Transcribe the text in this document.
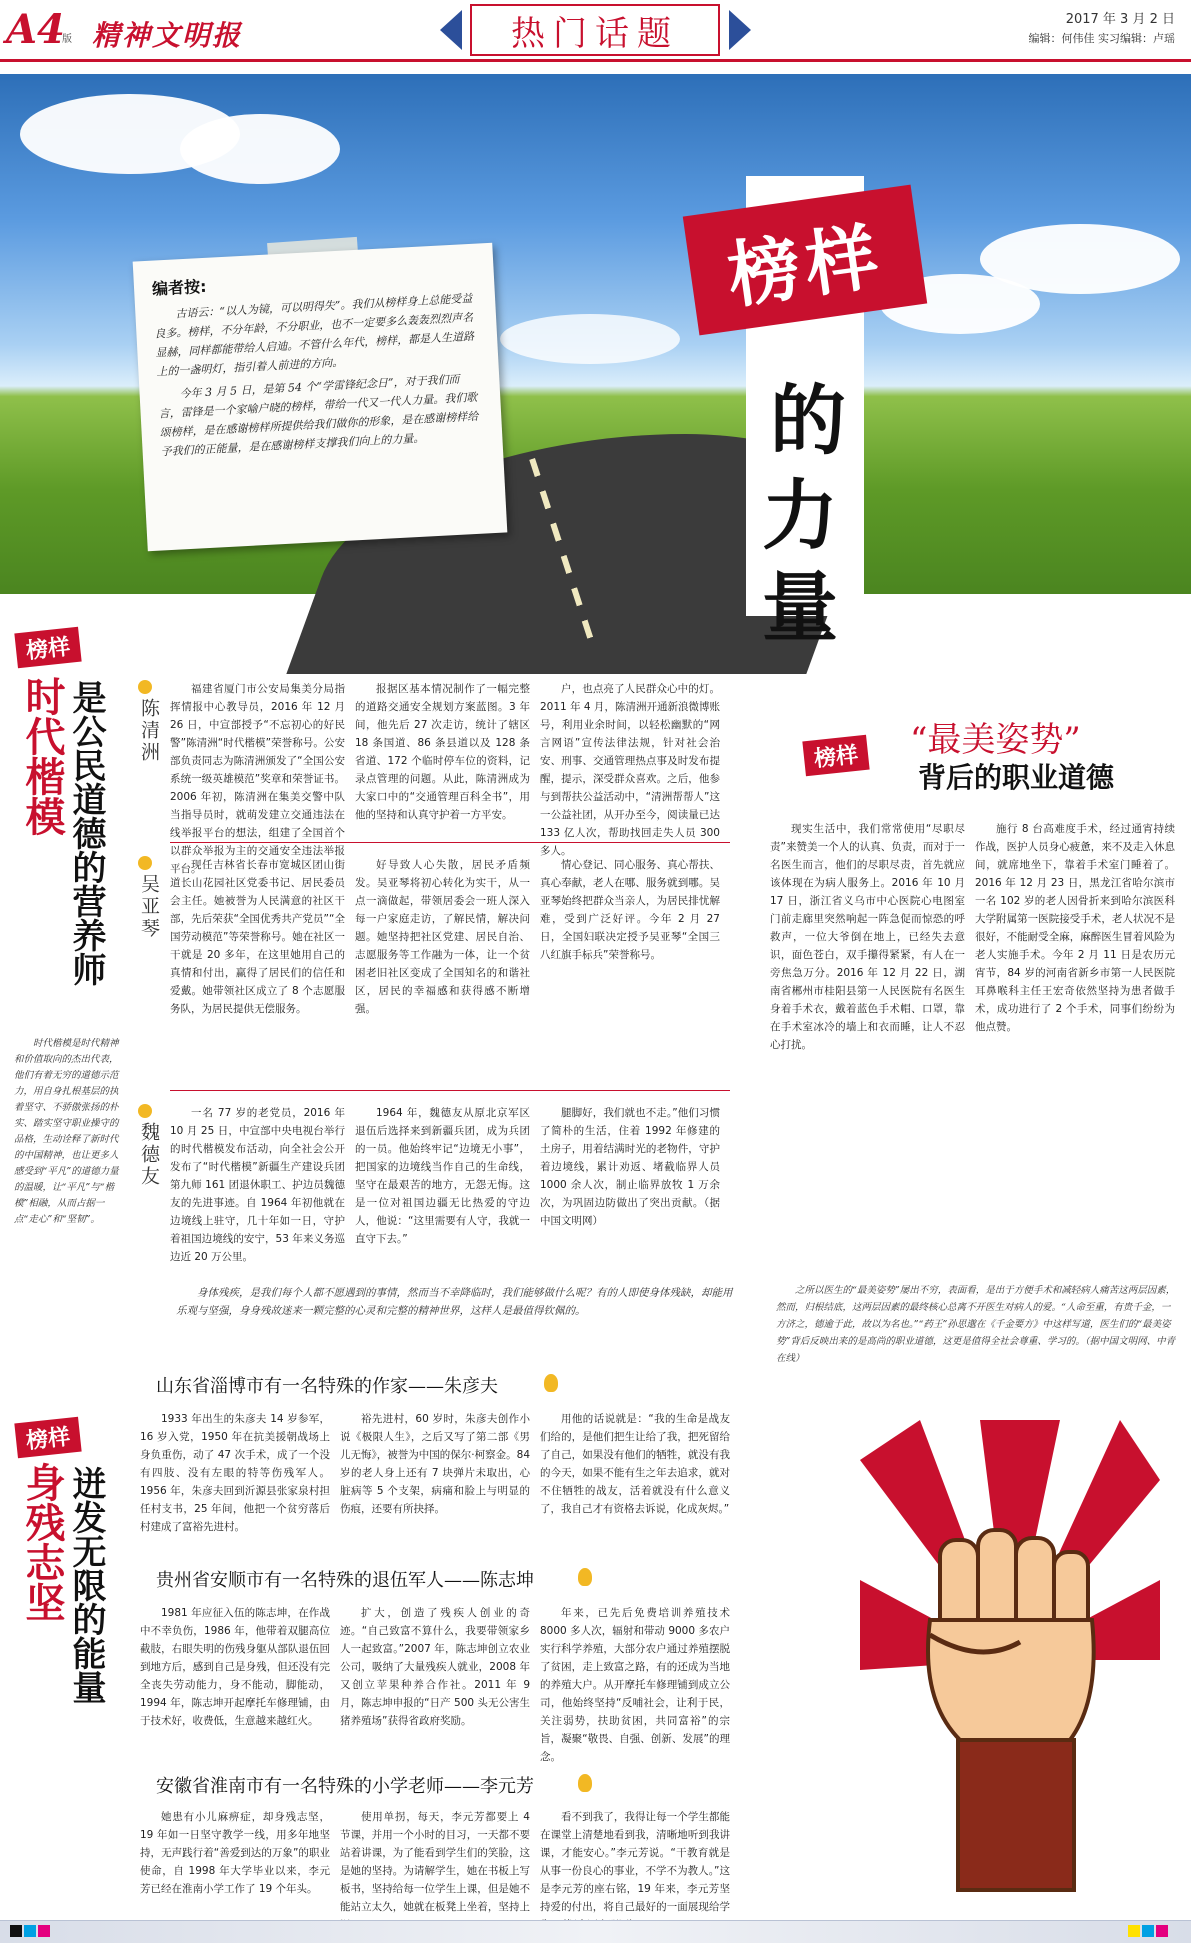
A4
版 精神文明报	热门话题	2017 年 3 月 2 日
编辑：何伟佳 实习编辑：卢瑶
编者按:

古语云：“以人为镜，可以明得失”。我们从榜样身上总能受益良多。榜样，不分年龄，不分职业，也不一定要多么轰轰烈烈声名显赫，同样都能带给人启迪。不管什么年代，榜样，都是人生道路上的一盏明灯，指引着人前进的方向。

今年 3 月 5 日，是第 54 个“学雷锋纪念日”，对于我们而言，雷锋是一个家喻户晓的榜样，带给一代又一代人力量。我们歌颂榜样，是在感谢榜样所提供给我们做你的形象，是在感谢榜样给予我们的正能量，是在感谢榜样支撑我们向上的力量。

榜样
的
力量
榜样
时代楷模 是公民道德的营养师
时代楷模是时代精神和价值取向的杰出代表，他们有着无穷的道德示范力，用自身扎根基层的执着坚守、不骄傲张扬的朴实、踏实坚守职业操守的品格，生动诠释了新时代的中国精神，也让更多人感受到“平凡”的道德力量的温暖，让“平凡”与“楷模”相融，从而占据一点“走心”和“坚韧”。
陈清洲

福建省厦门市公安局集美分局指挥情报中心教导员，2016 年 12 月 26 日，中宣部授予“不忘初心的好民警”陈清洲“时代楷模”荣誉称号。公安部负责同志为陈清洲颁发了“全国公安系统一级英雄模范”奖章和荣誉证书。2006 年初，陈清洲在集美交警中队当指导员时，就萌发建立交通违法在线举报平台的想法，组建了全国首个以群众举报为主的交通安全违法举报平台。

报据区基本情况制作了一幅完整的道路交通安全规划方案蓝图。3 年间，他先后 27 次走访，统计了辖区 18 条国道、86 条县道以及 128 条省道、172 个临时停车位的资料，记录点管理的问题。从此，陈清洲成为大家口中的“交通管理百科全书”，用他的坚持和认真守护着一方平安。

户，也点亮了人民群众心中的灯。2011 年 4 月，陈清洲开通新浪微博账号，利用业余时间，以轻松幽默的“网言网语”宣传法律法规，针对社会治安、刑事、交通管理热点事及时发布提醒，提示，深受群众喜欢。之后，他参与到帮扶公益活动中，“清洲帮帮人”这一公益社团，从开办至今，阅读量已达 133 亿人次，帮助找回走失人员 300 多人。

吴亚琴

现任吉林省长春市宽城区团山街道长山花园社区党委书记、居民委员会主任。她被誉为人民满意的社区干部，先后荣获“全国优秀共产党员”“全国劳动模范”等荣誉称号。她在社区一干就是 20 多年，在这里她用自己的真情和付出，赢得了居民们的信任和爱戴。她带领社区成立了 8 个志愿服务队，为居民提供无偿服务。

好导致人心失散，居民矛盾频发。吴亚琴将初心转化为实干，从一点一滴做起，带领居委会一班人深入每一户家庭走访，了解民情，解决问题。她坚持把社区党建、居民自治、志愿服务等工作融为一体，让一个贫困老旧社区变成了全国知名的和谐社区，居民的幸福感和获得感不断增强。

情心登记、同心服务、真心帮扶、真心奉献，老人在哪、服务就到哪。吴亚琴始终把群众当亲人，为居民排忧解难，受到广泛好评。今年 2 月 27 日，全国妇联决定授予吴亚琴“全国三八红旗手标兵”荣誉称号。

魏德友

一名 77 岁的老党员，2016 年 10 月 25 日，中宣部中央电视台举行的时代楷模发布活动，向全社会公开发布了“时代楷模”新疆生产建设兵团第九师 161 团退休职工、护边员魏德友的先进事迹。自 1964 年初他就在边境线上驻守，几十年如一日，守护着祖国边境线的安宁，53 年来义务巡边近 20 万公里。

1964 年，魏德友从原北京军区退伍后选择来到新疆兵团，成为兵团的一员。他始终牢记“边境无小事”，把国家的边境线当作自己的生命线，坚守在最艰苦的地方，无怨无悔。这是一位对祖国边疆无比热爱的守边人，他说：“这里需要有人守，我就一直守下去。”

腿脚好，我们就也不走。”他们习惯了简朴的生活，住着 1992 年修建的土房子，用着结满时光的老物件，守护着边境线，累计劝返、堵截临界人员 1000 余人次，制止临界放牧 1 万余次，为巩固边防做出了突出贡献。（据中国文明网）

榜样	“最美姿势”
背后的职业道德

现实生活中，我们常常使用“尽职尽责”来赞美一个人的认真、负责，而对于一名医生而言，他们的尽职尽责，首先就应该体现在为病人服务上。2016 年 10 月 17 日，浙江省义乌市中心医院心电图室门前走廊里突然响起一阵急促而惊恐的呼救声，一位大爷倒在地上，已经失去意识，面色苍白，双手攥得紧紧，有人在一旁焦急万分。2016 年 12 月 22 日，湖南省郴州市桂阳县第一人民医院有名医生身着手术衣，戴着蓝色手术帽、口罩，靠在手术室冰冷的墙上和衣而睡，让人不忍心打扰。

施行 8 台高难度手术，经过通宵持续作战，医护人员身心疲惫，来不及走入休息间，就席地坐下，靠着手术室门睡着了。2016 年 12 月 23 日，黑龙江省哈尔滨市一名 102 岁的老人因骨折来到哈尔滨医科大学附属第一医院接受手术，老人状况不是很好，不能耐受全麻，麻醉医生冒着风险为老人实施手术。今年 2 月 11 日是农历元宵节，84 岁的河南省新乡市第一人民医院耳鼻喉科主任王宏奇依然坚持为患者做手术，成功进行了 2 个手术，同事们纷纷为他点赞。

之所以医生的“最美姿势”屡出不穷，表面看，是出于方便手术和减轻病人痛苦这两层因素，然而，归根结底，这两层因素的最终核心总离不开医生对病人的爱。“人命至重，有贵千金，一方济之，德逾于此，故以为名也。”“药王”孙思邈在《千金要方》中这样写道，医生们的“最美姿势”背后反映出来的是高尚的职业道德，这更是值得全社会尊重、学习的。（据中国文明网、中青在线）
身体残疾，是我们每个人都不愿遇到的事情，然而当不幸降临时，我们能够做什么呢？有的人即使身体残缺，却能用乐观与坚强，身身残故迷来一颗完整的心灵和完整的精神世界，这样人是最值得钦佩的。
榜样
身残志坚 迸发无限的能量
山东省淄博市有一名特殊的作家——朱彦夫

1933 年出生的朱彦夫 14 岁参军，16 岁入党，1950 年在抗美援朝战场上身负重伤，动了 47 次手术，成了一个没有四肢、没有左眼的特等伤残军人。1956 年，朱彦夫回到沂源县张家泉村担任村支书，25 年间，他把一个贫穷落后村建成了富裕先进村。

裕先进村，60 岁时，朱彦夫创作小说《极限人生》，之后又写了第二部《男儿无悔》，被誉为中国的保尔·柯察金。84 岁的老人身上还有 7 块弹片未取出，心脏病等 5 个支架，病痛和脸上与明显的伤痕，还要有所抉择。

用他的话说就是：“我的生命是战友们给的，是他们把生让给了我，把死留给了自己，如果没有他们的牺牲，就没有我的今天，如果不能有生之年去追求，就对不住牺牲的战友，活着就没有什么意义了，我自己才有资格去诉说，化成灰烬。”

贵州省安顺市有一名特殊的退伍军人——陈志坤

1981 年应征入伍的陈志坤，在作战中不幸负伤，1986 年，他带着双腿高位截肢，右眼失明的伤残身躯从部队退伍回到地方后，感到自己是身残，但还没有完全丧失劳动能力，身不能动，脚能动，1994 年，陈志坤开起摩托车修理铺，由于技术好，收费低，生意越来越红火。

扩大，创造了残疾人创业的奇迹。“自己致富不算什么，我要带领家乡人一起致富。”2007 年，陈志坤创立农业公司，吸纳了大量残疾人就业，2008 年又创立苹果种养合作社。2011 年 9 月，陈志坤申报的“日产 500 头无公害生猪养殖场”获得省政府奖励。

年来，已先后免费培训养殖技术 8000 多人次，辐射和带动 9000 多农户实行科学养殖，大部分农户通过养殖摆脱了贫困，走上致富之路，有的还成为当地的养殖大户。从开摩托车修理铺到成立公司，他始终坚持“反哺社会，让利于民，关注弱势，扶助贫困，共同富裕”的宗旨，凝聚“敬畏、自强、创新、发展”的理念。

安徽省淮南市有一名特殊的小学老师——李元芳

她患有小儿麻痹症，却身残志坚，19 年如一日坚守教学一线，用多年地坚持，无声践行着“善爱到达的万象”的职业使命，自 1998 年大学毕业以来，李元芳已经在淮南小学工作了 19 个年头。

使用单拐，每天，李元芳都要上 4 节课，并用一个小时的目习，一天都不要站着讲课，为了能看到学生们的笑脸，这是她的坚持。为请解学生，她在书板上写板书，坚持给每一位学生上课，但是她不能站立太久，她就在板凳上坐着，坚持上

看不到我了，我得让每一个学生都能在课堂上清楚地看到我，清晰地听到我讲课，才能安心。”李元芳说。“干教育就是从事一份良心的事业，不学不为教人。”这是李元芳的座右铭，19 年来，李元芳坚持爱的付出，将自己最好的一面展现给学
